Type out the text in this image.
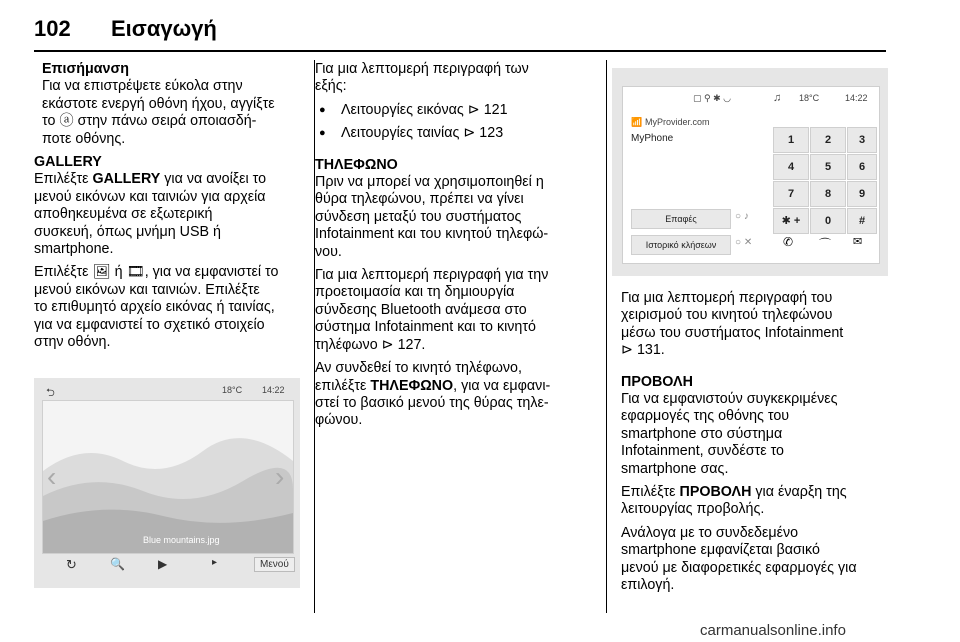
102 Εισαγωγή

Επισήμανση

Για να επιστρέψετε εύκολα στην

εκάστοτε ενεργή οθόνη ήχου, αγγίξτε

το ⓐ στην πάνω σειρά οποιασδή-

ποτε οθόνης.

GALLERY

Επιλέξτε GALLERY για να ανοίξει το

μενού εικόνων και ταινιών για αρχεία

αποθηκευμένα σε εξωτερική

συσκευή, όπως μνήμη USB ή

smartphone.

Επιλέξτε 🖼 ή 🎞, για να εμφανιστεί το

μενού εικόνων και ταινιών. Επιλέξτε

το επιθυμητό αρχείο εικόνας ή ταινίας,

για να εμφανιστεί το σχετικό στοιχείο

στην οθόνη.

⮌	18°C 14:22
‹	›
Blue mountains.jpg
↻	🔍	▶	▸	Μενού

Για μια λεπτομερή περιγραφή των

εξής:

● Λειτουργίες εικόνας ⊳ 121

● Λειτουργίες ταινίας ⊳ 123

ΤΗΛΕΦΩΝΟ

Πριν να μπορεί να χρησιμοποιηθεί η

θύρα τηλεφώνου, πρέπει να γίνει

σύνδεση μεταξύ του συστήματος

Infotainment και του κινητού τηλεφώ-

νου.

Για μια λεπτομερή περιγραφή για την

προετοιμασία και τη δημιουργία

σύνδεσης Bluetooth ανάμεσα στο

σύστημα Infotainment και το κινητό

τηλέφωνο ⊳ 127.

Αν συνδεθεί το κινητό τηλέφωνο,

επιλέξτε ΤΗΛΕΦΩΝΟ, για να εμφανι-

στεί το βασικό μενού της θύρας τηλε-

φώνου.

▢ ⚲ ✱ ◡	♫ 18°C	14:22
📶 MyProvider.com
MyPhone	1	2	3
4	5	6
7	8	9
✱ +	0	#
Επαφές
Ιστορικό κλήσεων
○ ♪
○ ✕	✆ ⌒ ✉

Για μια λεπτομερή περιγραφή του

χειρισμού του κινητού τηλεφώνου

μέσω του συστήματος Infotainment

⊳ 131.

ΠΡΟΒΟΛΗ

Για να εμφανιστούν συγκεκριμένες

εφαρμογές της οθόνης του

smartphone στο σύστημα

Infotainment, συνδέστε το

smartphone σας.

Επιλέξτε ΠΡΟΒΟΛΗ για έναρξη της

λειτουργίας προβολής.

Ανάλογα με το συνδεδεμένο

smartphone εμφανίζεται βασικό

μενού με διαφορετικές εφαρμογές για

επιλογή.

carmanualsonline.info
